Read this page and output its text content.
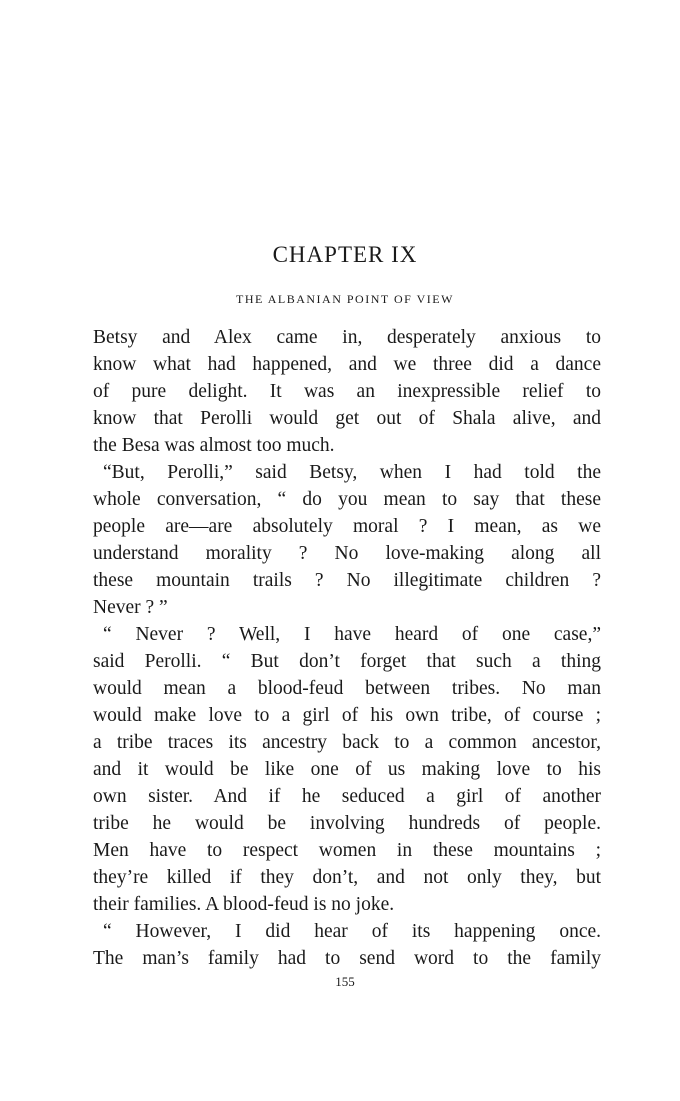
CHAPTER IX
THE ALBANIAN POINT OF VIEW
Betsy and Alex came in, desperately anxious to
know what had happened, and we three did a dance
of pure delight. It was an inexpressible relief to
know that Perolli would get out of Shala alive, and
the Besa was almost too much.
“But, Perolli,” said Betsy, when I had told the
whole conversation, “ do you mean to say that these
people are—are absolutely moral ? I mean, as we
understand morality ? No love-making along all
these mountain trails ? No illegitimate children ?
Never ? ”
“ Never ? Well, I have heard of one case,”
said Perolli. “ But don’t forget that such a thing
would mean a blood-feud between tribes. No man
would make love to a girl of his own tribe, of course ;
a tribe traces its ancestry back to a common ancestor,
and it would be like one of us making love to his
own sister. And if he seduced a girl of another
tribe he would be involving hundreds of people.
Men have to respect women in these mountains ;
they’re killed if they don’t, and not only they, but
their families. A blood-feud is no joke.
“ However, I did hear of its happening once.
The man’s family had to send word to the family
155
